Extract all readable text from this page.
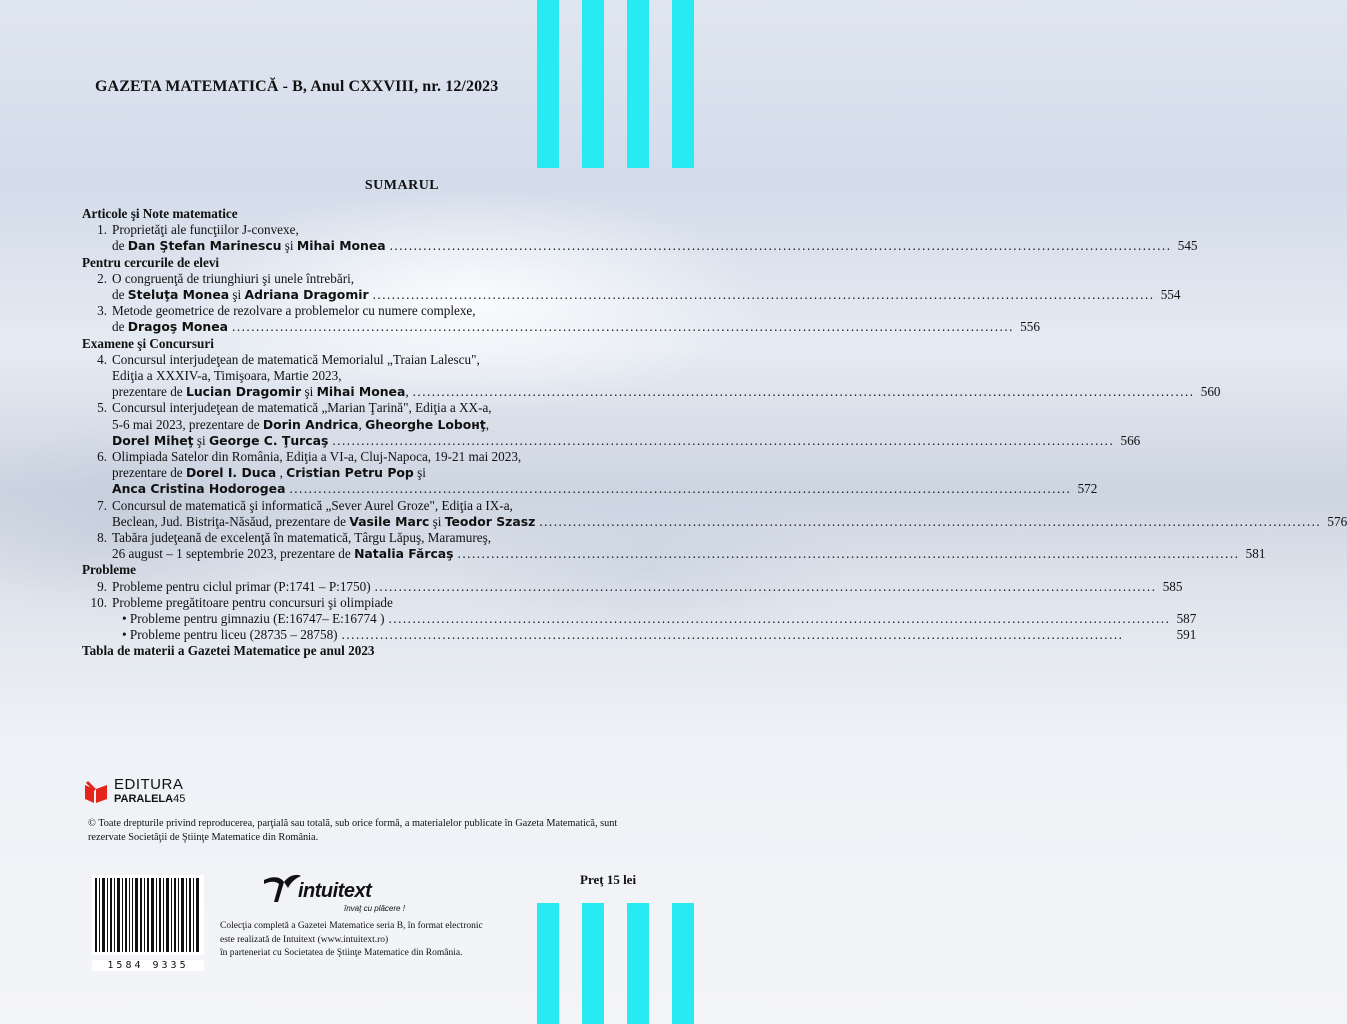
GAZETA MATEMATICĂ - B, Anul CXXVIII, nr. 12/2023
SUMARUL
Articole şi Note matematice
1. Proprietăţi ale funcţiilor J-convexe,
de Dan Ştefan Marinescu şi Mihai Monea .....	545
Pentru cercurile de elevi
2. O congruenţă de triunghiuri şi unele întrebări,
de Steluţa Monea şi Adriana Dragomir .....	554
3. Metode geometrice de rezolvare a problemelor cu numere complexe,
de Dragoş Monea .....	556
Examene şi Concursuri
4. Concursul interjudeţean de matematică Memorialul „Traian Lalescu",
Ediţia a XXXIV-a, Timişoara, Martie 2023,
prezentare de Lucian Dragomir şi Mihai Monea, .....	560
5. Concursul interjudeţean de matematică „Marian Ţarină", Ediţia a XX-a,
5-6 mai 2023, prezentare de Dorin Andrica, Gheorghe Loboнţ,
Dorel Miheţ şi George C. Ţurcaş .....	566
6. Olimpiada Satelor din România, Ediţia a VI-a, Cluj-Napoca, 19-21 mai 2023,
prezentare de Dorel I. Duca , Cristian Petru Pop şi
Anca Cristina Hodorogea .....	572
7. Concursul de matematică şi informatică „Sever Aurel Groze", Ediţia a IX-a,
Beclean, Jud. Bistriţa-Năsăud, prezentare de Vasile Marc şi Teodor Szasz .....	576
8. Tabăra judeţeană de excelenţă în matematică, Târgu Lăpuş, Maramureş,
26 august – 1 septembrie 2023, prezentare de Natalia Fărcaş .....	581
Probleme
9. Probleme pentru ciclul primar (P:1741 – P:1750) .....	585
10. Probleme pregătitoare pentru concursuri şi olimpiade
• Probleme pentru gimnaziu (E:16747– E:16774 ) .....	587
• Probleme pentru liceu (28735 – 28758) .....	591
Tabla de materii a Gazetei Matematice pe anul 2023
EDITURA
PARALELA45
© Toate drepturile privind reproducerea, parţială sau totală, sub orice formă, a materialelor publicate în Gazeta Matematică, sunt rezervate Societăţii de Ştiinţe Matematice din România.
Preţ 15 lei
1584 9335
intuitext
învaţ cu plăcere !
Colecţia completă a Gazetei Matematice seria B, în format electronic
este realizată de Intuitext (www.intuitext.ro)
în parteneriat cu Societatea de Ştiinţe Matematice din România.
